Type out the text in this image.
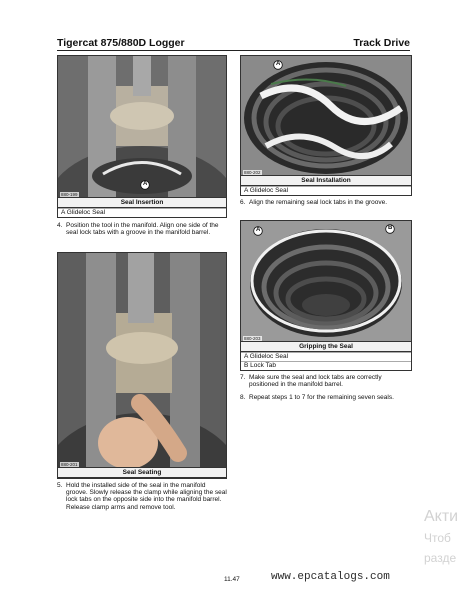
Tigercat 875/880D Logger	Track Drive
A
880-199
Seal Insertion
A Glideloc Seal
4. Position the tool in the manifold. Align one side of the seal lock tabs with a groove in the manifold barrel.
880-201
Seal Seating
5. Hold the installed side of the seal in the manifold groove. Slowly release the clamp while aligning the seal lock tabs on the opposite side into the manifold barrel. Release clamp arms and remove tool.
A
880-202
Seal Installation
A Glideloc Seal
6. Align the remaining seal lock tabs in the groove.
A	B
880-203
Gripping the Seal
A Glideloc Seal
B Lock Tab
7. Make sure the seal and lock tabs are correctly positioned in the manifold barrel.
8. Repeat steps 1 to 7 for the remaining seven seals.
11.47	www.epcatalogs.com
Акти
Чтоб
разде
